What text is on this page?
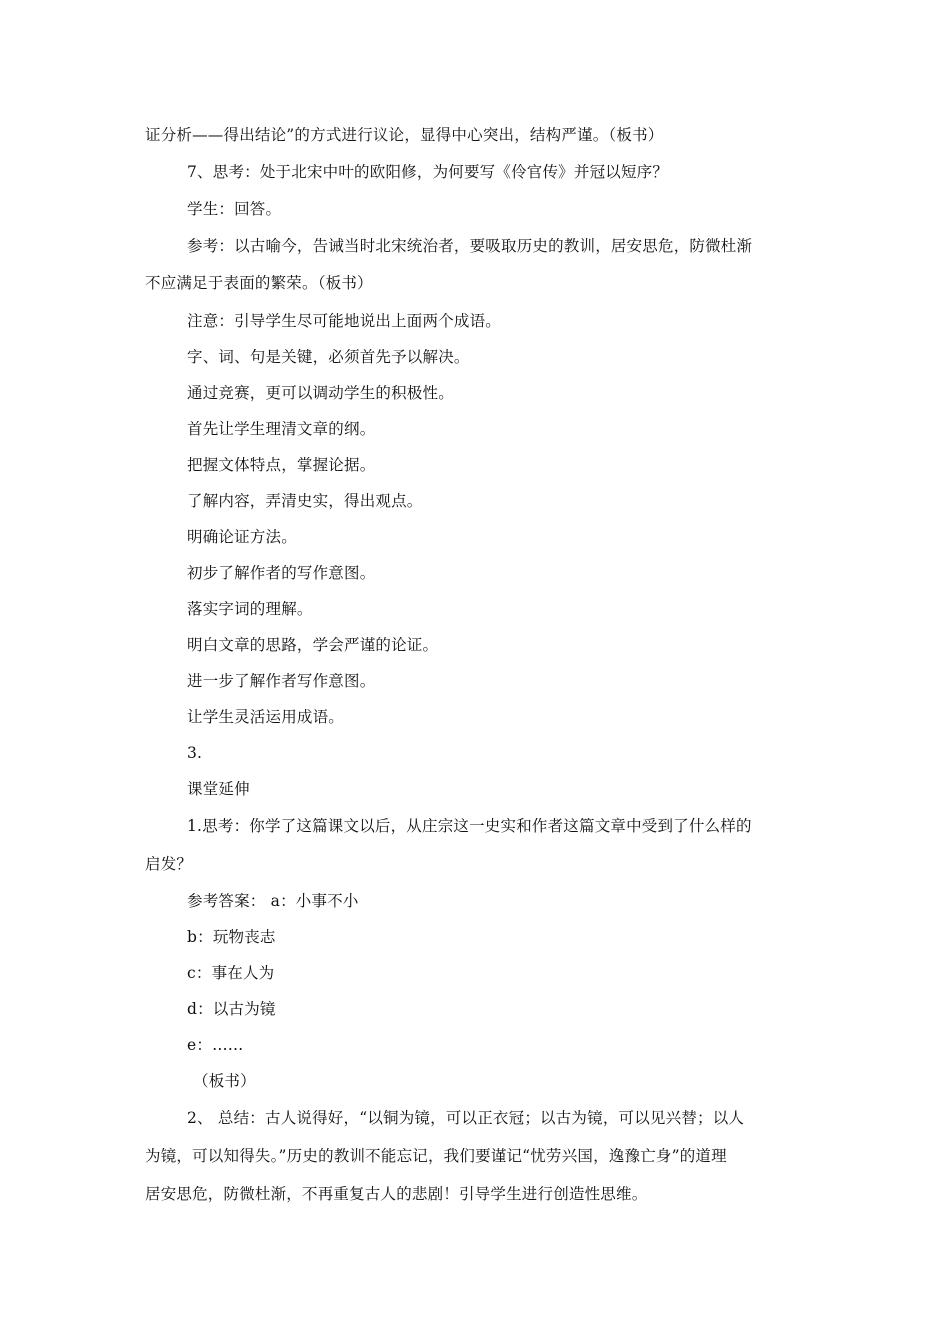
证分析——得出结论”的方式进行议论，显得中心突出，结构严谨。（板书）
7、思考：处于北宋中叶的欧阳修，为何要写《伶官传》并冠以短序？
学生：回答。
参考：以古喻今，告诫当时北宋统治者，要吸取历史的教训，居安思危，防微杜渐
不应满足于表面的繁荣。（板书）
注意：引导学生尽可能地说出上面两个成语。
字、词、句是关键，必须首先予以解决。
通过竞赛，更可以调动学生的积极性。
首先让学生理清文章的纲。
把握文体特点，掌握论据。
了解内容，弄清史实，得出观点。
明确论证方法。
初步了解作者的写作意图。
落实字词的理解。
明白文章的思路，学会严谨的论证。
进一步了解作者写作意图。
让学生灵活运用成语。
3.
课堂延伸
1.思考：你学了这篇课文以后，从庄宗这一史实和作者这篇文章中受到了什么样的
启发？
参考答案： a：小事不小
b：玩物丧志
c：事在人为
d：以古为镜
e：……
（板书）
2、 总结：古人说得好，“以铜为镜，可以正衣冠；以古为镜，可以见兴替；以人
为镜，可以知得失。”历史的教训不能忘记，我们要谨记“忧劳兴国，逸豫亡身”的道理
居安思危，防微杜渐，不再重复古人的悲剧！引导学生进行创造性思维。
